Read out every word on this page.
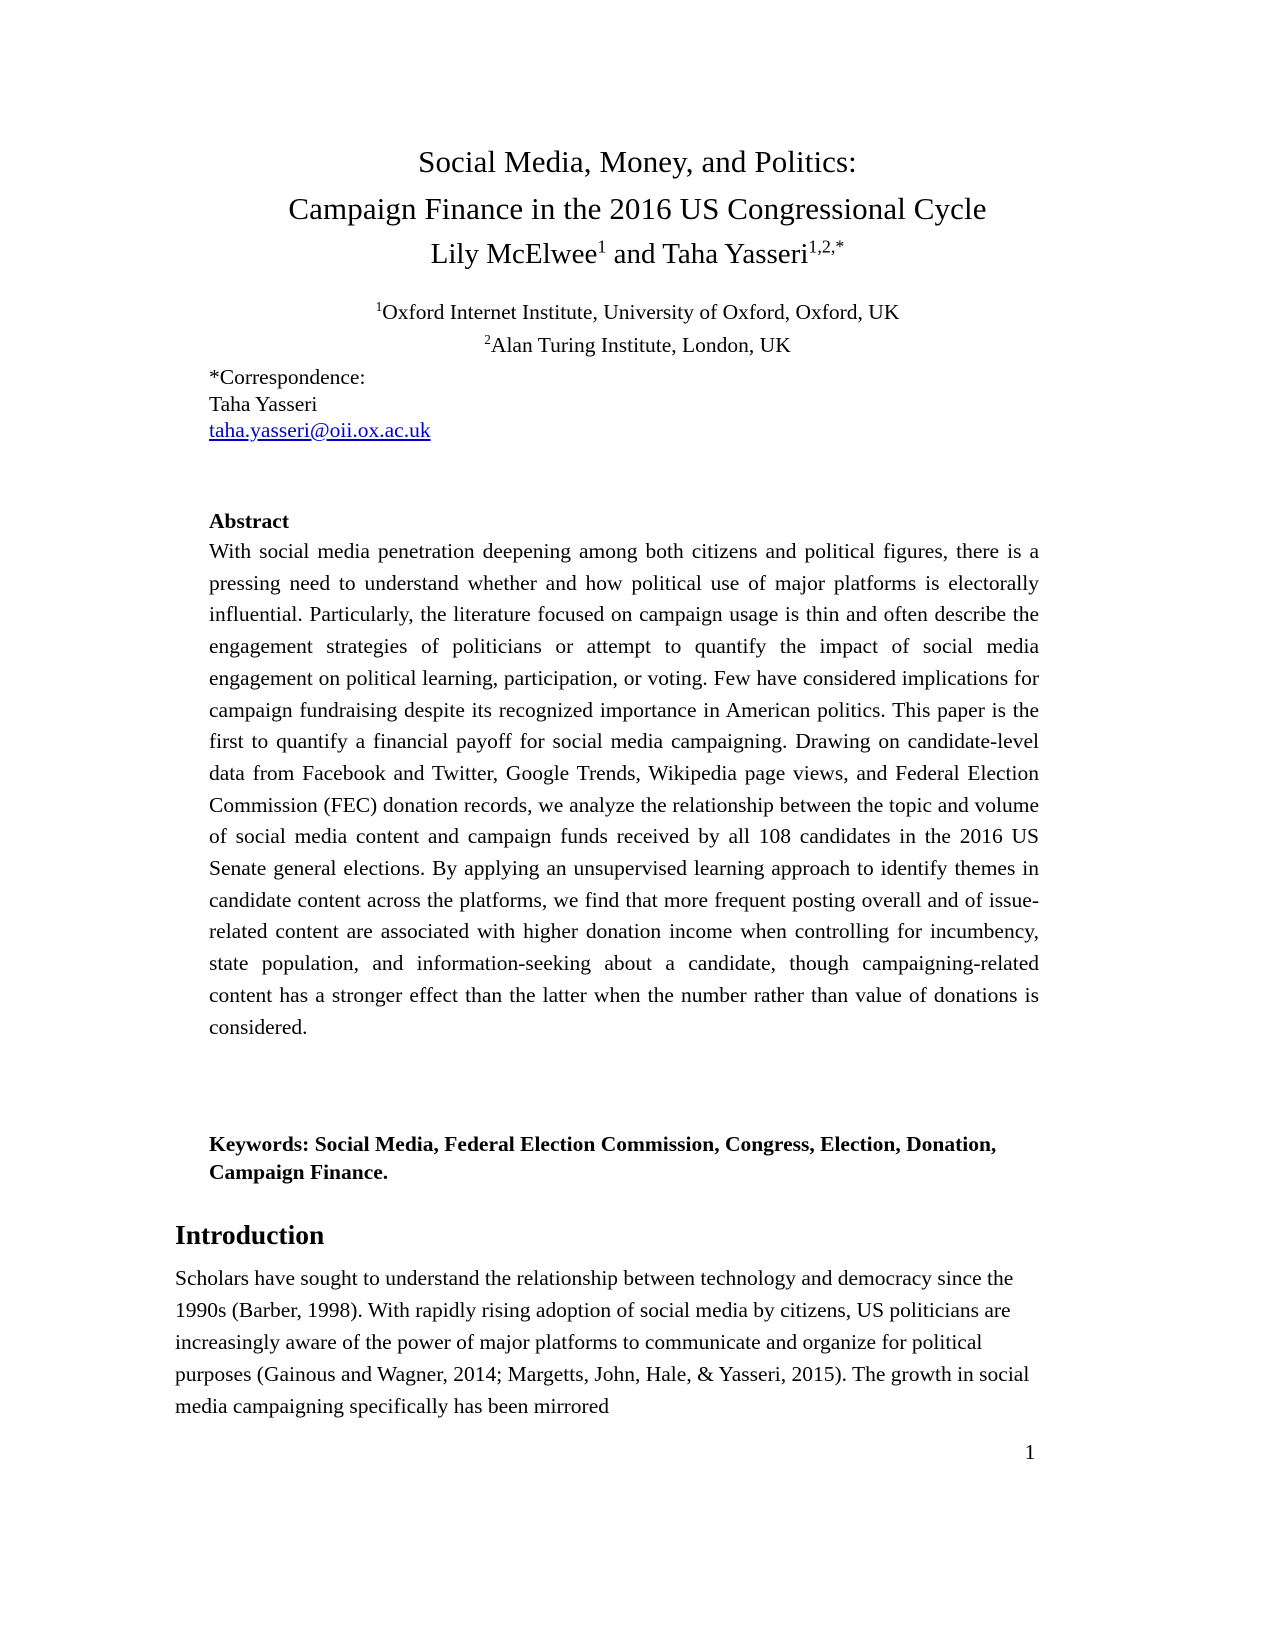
Social Media, Money, and Politics:
Campaign Finance in the 2016 US Congressional Cycle
Lily McElwee$^1$ and Taha Yasseri$^{1,2,*}$
$^1$Oxford Internet Institute, University of Oxford, Oxford, UK
$^2$Alan Turing Institute, London, UK
*Correspondence:
Taha Yasseri
taha.yasseri@oii.ox.ac.uk
Abstract
With social media penetration deepening among both citizens and political figures, there is a pressing need to understand whether and how political use of major platforms is electorally influential. Particularly, the literature focused on campaign usage is thin and often describe the engagement strategies of politicians or attempt to quantify the impact of social media engagement on political learning, participation, or voting. Few have considered implications for campaign fundraising despite its recognized importance in American politics. This paper is the first to quantify a financial payoff for social media campaigning. Drawing on candidate-level data from Facebook and Twitter, Google Trends, Wikipedia page views, and Federal Election Commission (FEC) donation records, we analyze the relationship between the topic and volume of social media content and campaign funds received by all 108 candidates in the 2016 US Senate general elections. By applying an unsupervised learning approach to identify themes in candidate content across the platforms, we find that more frequent posting overall and of issue-related content are associated with higher donation income when controlling for incumbency, state population, and information-seeking about a candidate, though campaigning-related content has a stronger effect than the latter when the number rather than value of donations is considered.
Keywords: Social Media, Federal Election Commission, Congress, Election, Donation, Campaign Finance.
Introduction
Scholars have sought to understand the relationship between technology and democracy since the 1990s (Barber, 1998). With rapidly rising adoption of social media by citizens, US politicians are increasingly aware of the power of major platforms to communicate and organize for political purposes (Gainous and Wagner, 2014; Margetts, John, Hale, & Yasseri, 2015). The growth in social media campaigning specifically has been mirrored
1
